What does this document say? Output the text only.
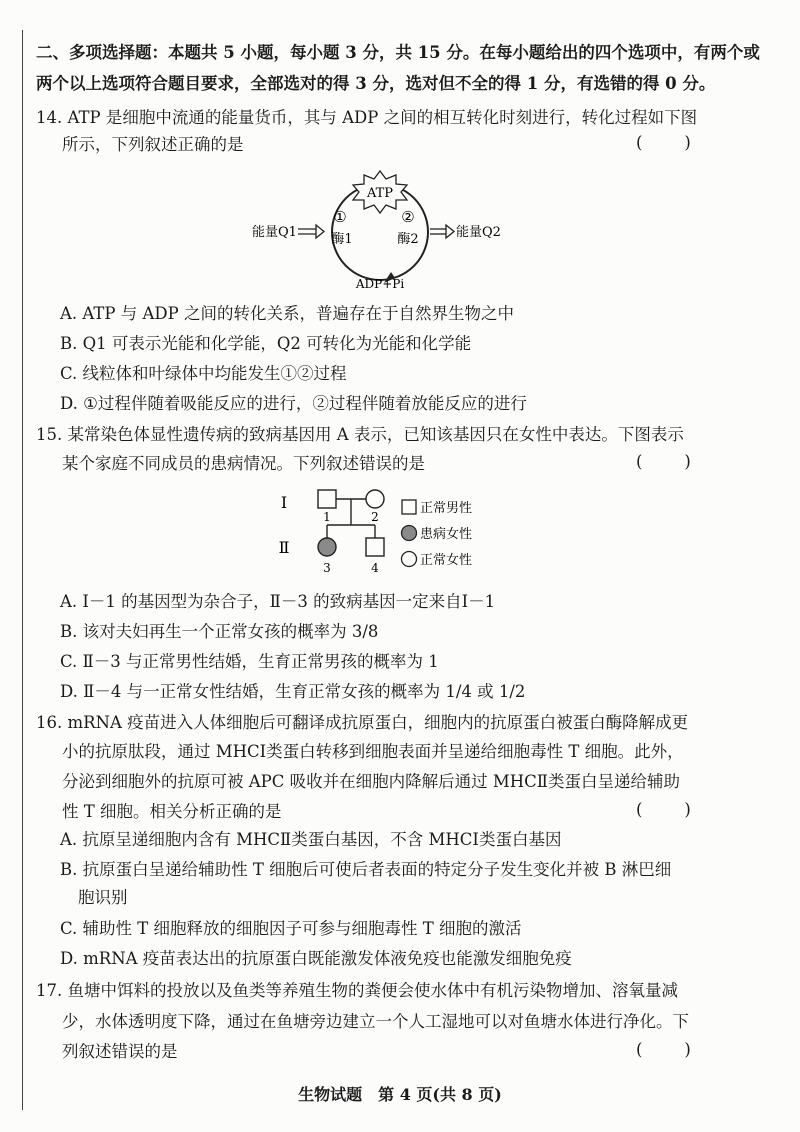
二、多项选择题：本题共 5 小题，每小题 3 分，共 15 分。在每小题给出的四个选项中，有两个或
两个以上选项符合题目要求，全部选对的得 3 分，选对但不全的得 1 分，有选错的得 0 分。
14. ATP 是细胞中流通的能量货币，其与 ADP 之间的相互转化时刻进行，转化过程如下图
所示，下列叙述正确的是	(        )
ATP
ADP+Pi
①	②
酶1	酶2
能量Q1	能量Q2
A. ATP 与 ADP 之间的转化关系，普遍存在于自然界生物之中
B. Q1 可表示光能和化学能，Q2 可转化为光能和化学能
C. 线粒体和叶绿体中均能发生①②过程
D. ①过程伴随着吸能反应的进行，②过程伴随着放能反应的进行
15. 某常染色体显性遗传病的致病基因用 A 表示，已知该基因只在女性中表达。下图表示
某个家庭不同成员的患病情况。下列叙述错误的是	(        )
Ⅰ
Ⅱ
1	2
3	4
正常男性
患病女性
正常女性
A. Ⅰ－1 的基因型为杂合子，Ⅱ－3 的致病基因一定来自Ⅰ－1
B. 该对夫妇再生一个正常女孩的概率为 3/8
C. Ⅱ－3 与正常男性结婚，生育正常男孩的概率为 1
D. Ⅱ－4 与一正常女性结婚，生育正常女孩的概率为 1/4 或 1/2
16. mRNA 疫苗进入人体细胞后可翻译成抗原蛋白，细胞内的抗原蛋白被蛋白酶降解成更
小的抗原肽段，通过 MHCⅠ类蛋白转移到细胞表面并呈递给细胞毒性 T 细胞。此外，
分泌到细胞外的抗原可被 APC 吸收并在细胞内降解后通过 MHCⅡ类蛋白呈递给辅助
性 T 细胞。相关分析正确的是	(        )
A. 抗原呈递细胞内含有 MHCⅡ类蛋白基因，不含 MHCⅠ类蛋白基因
B. 抗原蛋白呈递给辅助性 T 细胞后可使后者表面的特定分子发生变化并被 B 淋巴细
胞识别
C. 辅助性 T 细胞释放的细胞因子可参与细胞毒性 T 细胞的激活
D. mRNA 疫苗表达出的抗原蛋白既能激发体液免疫也能激发细胞免疫
17. 鱼塘中饵料的投放以及鱼类等养殖生物的粪便会使水体中有机污染物增加、溶氧量减
少，水体透明度下降，通过在鱼塘旁边建立一个人工湿地可以对鱼塘水体进行净化。下
列叙述错误的是	(        )
生物试题　第 4 页(共 8 页)
